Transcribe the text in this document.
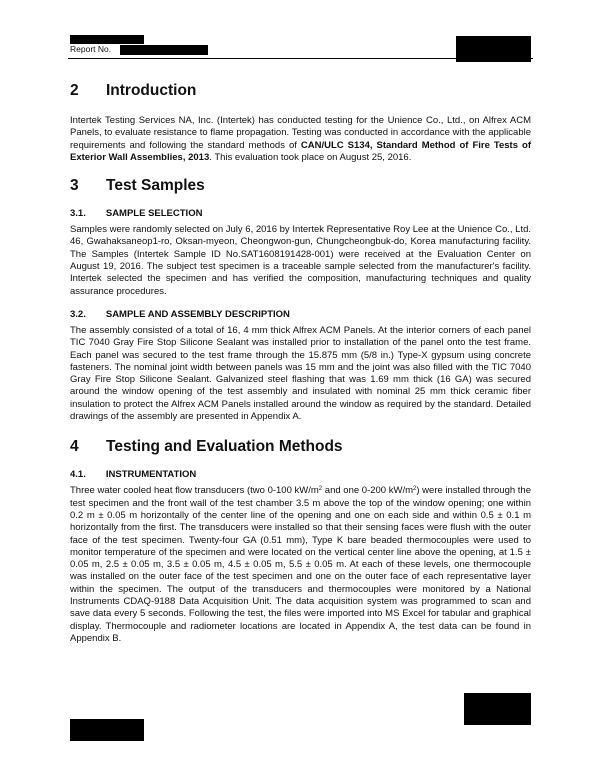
Report No.
2 Introduction

Intertek Testing Services NA, Inc. (Intertek) has conducted testing for the Unience Co., Ltd., on Alfrex ACM Panels, to evaluate resistance to flame propagation. Testing was conducted in accordance with the applicable requirements and following the standard methods of CAN/ULC S134, Standard Method of Fire Tests of Exterior Wall Assemblies, 2013. This evaluation took place on August 25, 2016.

3 Test Samples
3.1. SAMPLE SELECTION

Samples were randomly selected on July 6, 2016 by Intertek Representative Roy Lee at the Unience Co., Ltd. 46, Gwahaksaneop1-ro, Oksan-myeon, Cheongwon-gun, Chungcheongbuk-do, Korea manufacturing facility. The Samples (Intertek Sample ID No.SAT1608191428-001) were received at the Evaluation Center on August 19, 2016. The subject test specimen is a traceable sample selected from the manufacturer's facility. Intertek selected the specimen and has verified the composition, manufacturing techniques and quality assurance procedures.

3.2. SAMPLE AND ASSEMBLY DESCRIPTION

The assembly consisted of a total of 16, 4 mm thick Alfrex ACM Panels. At the interior corners of each panel TIC 7040 Gray Fire Stop Silicone Sealant was installed prior to installation of the panel onto the test frame. Each panel was secured to the test frame through the 15.875 mm (5/8 in.) Type-X gypsum using concrete fasteners. The nominal joint width between panels was 15 mm and the joint was also filled with the TIC 7040 Gray Fire Stop Silicone Sealant. Galvanized steel flashing that was 1.69 mm thick (16 GA) was secured around the window opening of the test assembly and insulated with nominal 25 mm thick ceramic fiber insulation to protect the Alfrex ACM Panels installed around the window as required by the standard. Detailed drawings of the assembly are presented in Appendix A.

4 Testing and Evaluation Methods
4.1. INSTRUMENTATION

Three water cooled heat flow transducers (two 0-100 $kW/m^2$ and one 0-200 $kW/m^2$) were installed through the test specimen and the front wall of the test chamber 3.5 m above the top of the window opening; one within 0.2 m ± 0.05 m horizontally of the center line of the opening and one on each side and within 0.5 ± 0.1 m horizontally from the first. The transducers were installed so that their sensing faces were flush with the outer face of the test specimen. Twenty-four GA (0.51 mm), Type K bare beaded thermocouples were used to monitor temperature of the specimen and were located on the vertical center line above the opening, at 1.5 ± 0.05 m, 2.5 ± 0.05 m, 3.5 ± 0.05 m, 4.5 ± 0.05 m, 5.5 ± 0.05 m. At each of these levels, one thermocouple was installed on the outer face of the test specimen and one on the outer face of each representative layer within the specimen. The output of the transducers and thermocouples were monitored by a National Instruments CDAQ-9188 Data Acquisition Unit. The data acquisition system was programmed to scan and save data every 5 seconds. Following the test, the files were imported into MS Excel for tabular and graphical display. Thermocouple and radiometer locations are located in Appendix A, the test data can be found in Appendix B.
